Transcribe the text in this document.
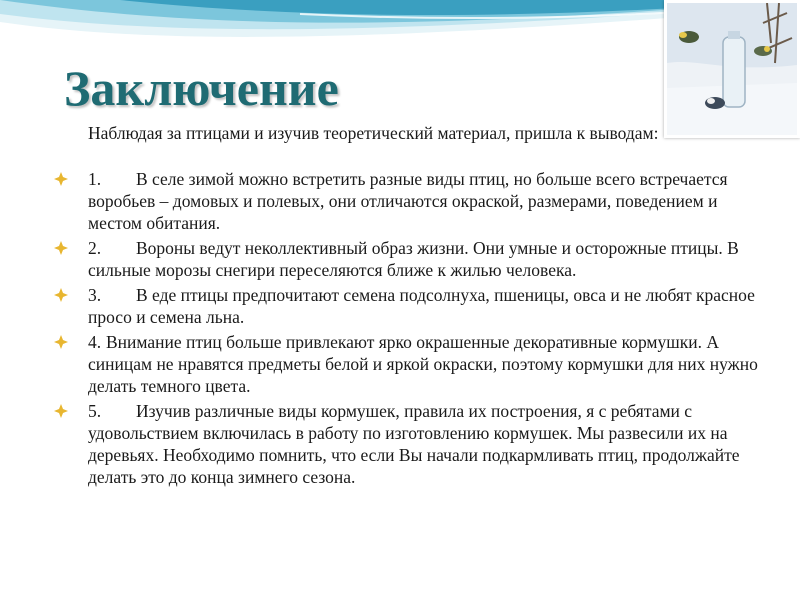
Заключение

Наблюдая за птицами и изучив теоретический материал, пришла к выводам:

1. В селе зимой можно встретить разные виды птиц, но больше всего встречается воробьев – домовых и полевых, они отличаются окраской, размерами, поведением и местом обитания.
2. Вороны ведут неколлективный образ жизни. Они умные и осторожные птицы. В сильные морозы снегири переселяются ближе к жилью человека.
3. В еде птицы предпочитают семена подсолнуха, пшеницы, овса и не любят красное просо и семена льна.
4. Внимание птиц больше привлекают ярко окрашенные декоративные кормушки. А синицам не нравятся предметы белой и яркой окраски, поэтому кормушки для них нужно делать темного цвета.
5. Изучив различные виды кормушек, правила их построения, я с ребятами с удовольствием включилась в работу по изготовлению кормушек. Мы развесили их на деревьях. Необходимо помнить, что если Вы начали подкармливать птиц, продолжайте делать это до конца зимнего сезона.
